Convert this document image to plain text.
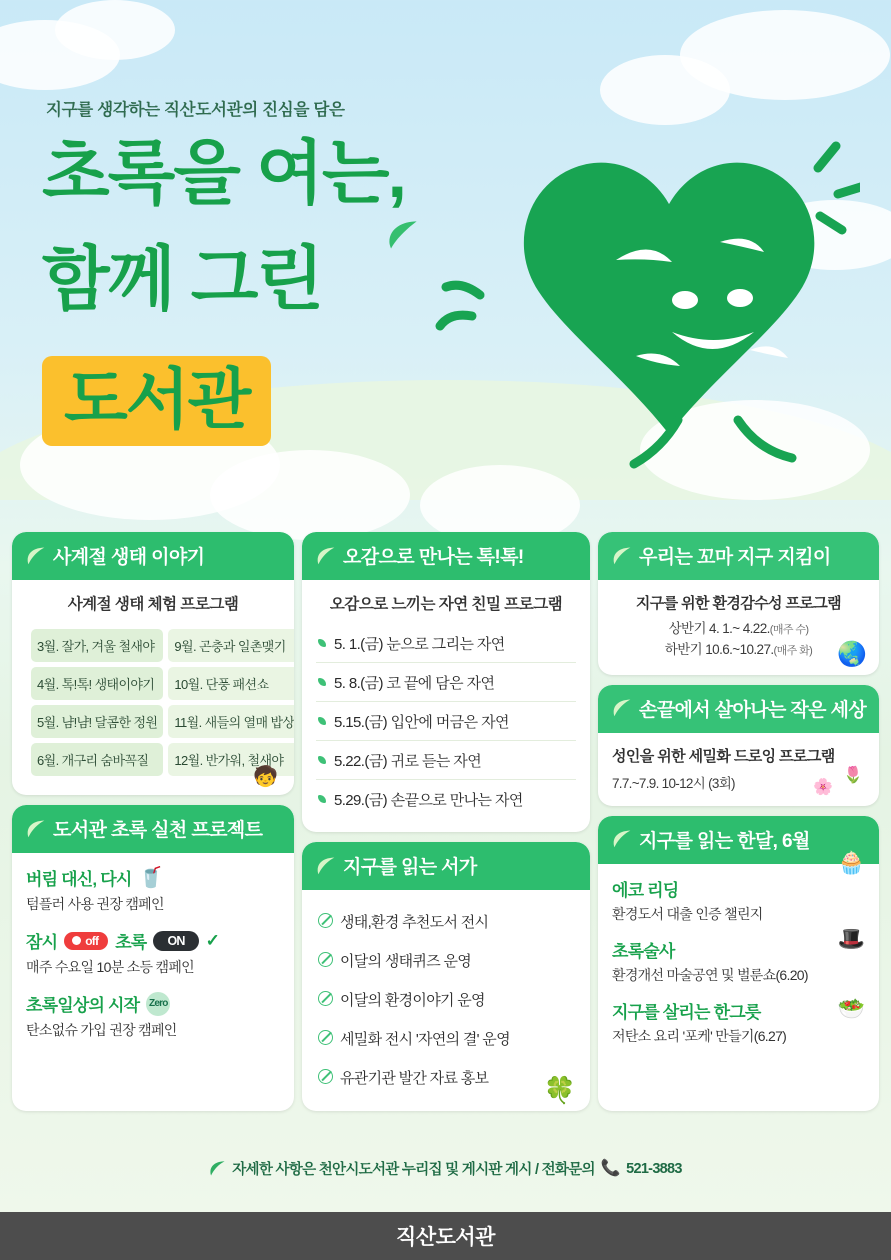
지구를 생각하는 직산도서관의 진심을 담은
초록을 여는,
함께 그린
도서관
사계절 생태 이야기
사계절 생태 체험 프로그램
3월. 잘가, 겨울 철새야	9월. 곤충과 일촌맺기
4월. 톡!톡! 생태이야기	10월. 단풍 패션쇼
5월. 냠!냠! 달콤한 정원	11월. 새들의 열매 밥상
6월. 개구리 숨바꼭질	12월. 반가워, 철새야
🧒
도서관 초록 실천 프로젝트
버림 대신, 다시 🥤
텀플러 사용 권장 캠페인
잠시 off 초록	ON	✓
매주 수요일 10분 소등 캠페인
초록일상의 시작 Zero
탄소없슈 가입 권장 캠페인
오감으로 만나는 톡!톡!
오감으로 느끼는 자연 친밀 프로그램
5. 1.(금) 눈으로 그리는 자연
5. 8.(금) 코 끝에 담은 자연
5.15.(금) 입안에 머금은 자연
5.22.(금) 귀로 듣는 자연
5.29.(금) 손끝으로 만나는 자연
지구를 읽는 서가
생태,환경 추천도서 전시
이달의 생태퀴즈 운영
이달의 환경이야기 운영
세밀화 전시 '자연의 결' 운영
유관기관 발간 자료 홍보	🍀
우리는 꼬마 지구 지킴이
지구를 위한 환경감수성 프로그램
상반기 4. 1.~ 4.22.(매주 수)
하반기 10.6.~10.27.(매주 화)	🌏
손끝에서 살아나는 작은 세상
성인을 위한 세밀화 드로잉 프로그램
7.7.~7.9. 10-12시 (3회)	🌸
🌷
지구를 읽는 한달, 6월
에코 리딩
환경도서 대출 인증 챌린지
초록술사
환경개선 마술공연 및 벌룬쇼(6.20)
지구를 살리는 한그릇
저탄소 요리 '포케' 만들기(6.27)
🧁
🎩
🥗
자세한 사항은 천안시도서관 누리집 및 게시판 게시 / 전화문의 📞 521-3883
직산도서관
